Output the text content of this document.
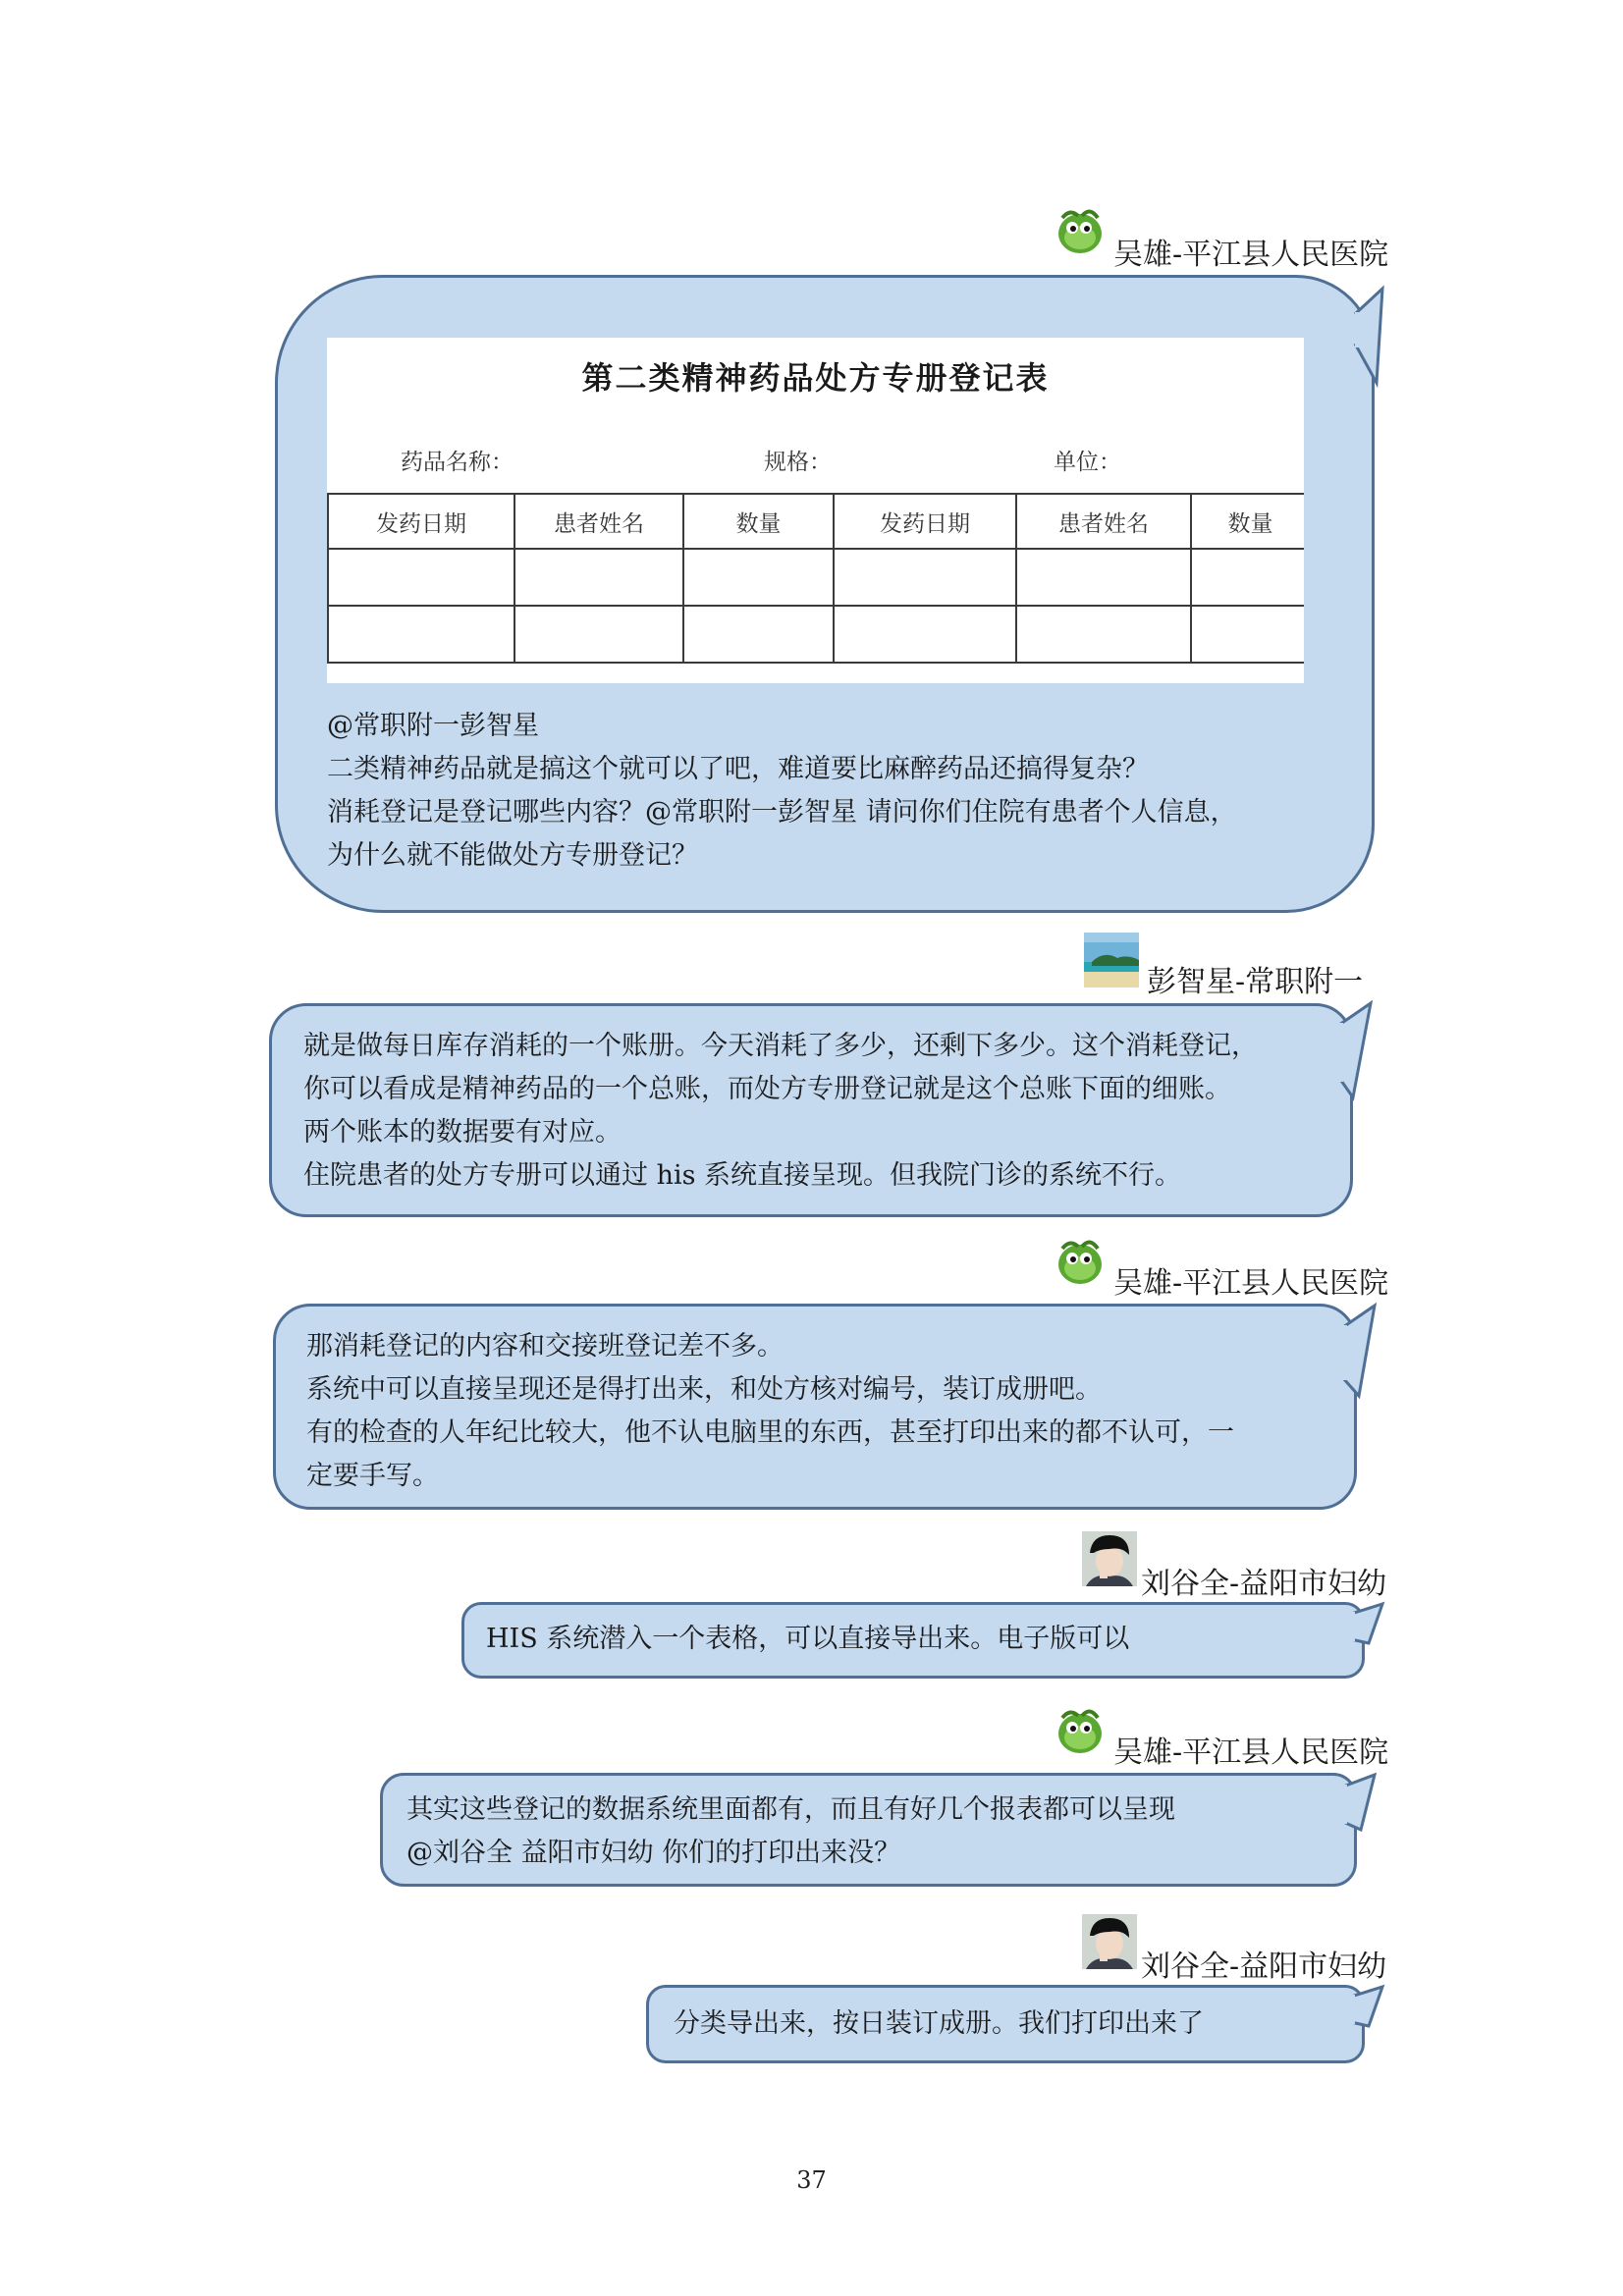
吴雄-平江县人民医院
第二类精神药品处方专册登记表
药品名称：	规格：	单位：
发药日期	患者姓名	数量	发药日期	患者姓名	数量

@常职附一彭智星
二类精神药品就是搞这个就可以了吧，难道要比麻醉药品还搞得复杂？
消耗登记是登记哪些内容？@常职附一彭智星 请问你们住院有患者个人信息，
为什么就不能做处方专册登记？
彭智星-常职附一
就是做每日库存消耗的一个账册。今天消耗了多少，还剩下多少。这个消耗登记，
你可以看成是精神药品的一个总账，而处方专册登记就是这个总账下面的细账。
两个账本的数据要有对应。
住院患者的处方专册可以通过 his 系统直接呈现。但我院门诊的系统不行。
吴雄-平江县人民医院
那消耗登记的内容和交接班登记差不多。
系统中可以直接呈现还是得打出来，和处方核对编号，装订成册吧。
有的检查的人年纪比较大，他不认电脑里的东西，甚至打印出来的都不认可，一
定要手写。
刘谷全-益阳市妇幼
HIS 系统潜入一个表格，可以直接导出来。电子版可以
吴雄-平江县人民医院
其实这些登记的数据系统里面都有，而且有好几个报表都可以呈现
@刘谷全 益阳市妇幼 你们的打印出来没？
刘谷全-益阳市妇幼
分类导出来，按日装订成册。我们打印出来了
37
